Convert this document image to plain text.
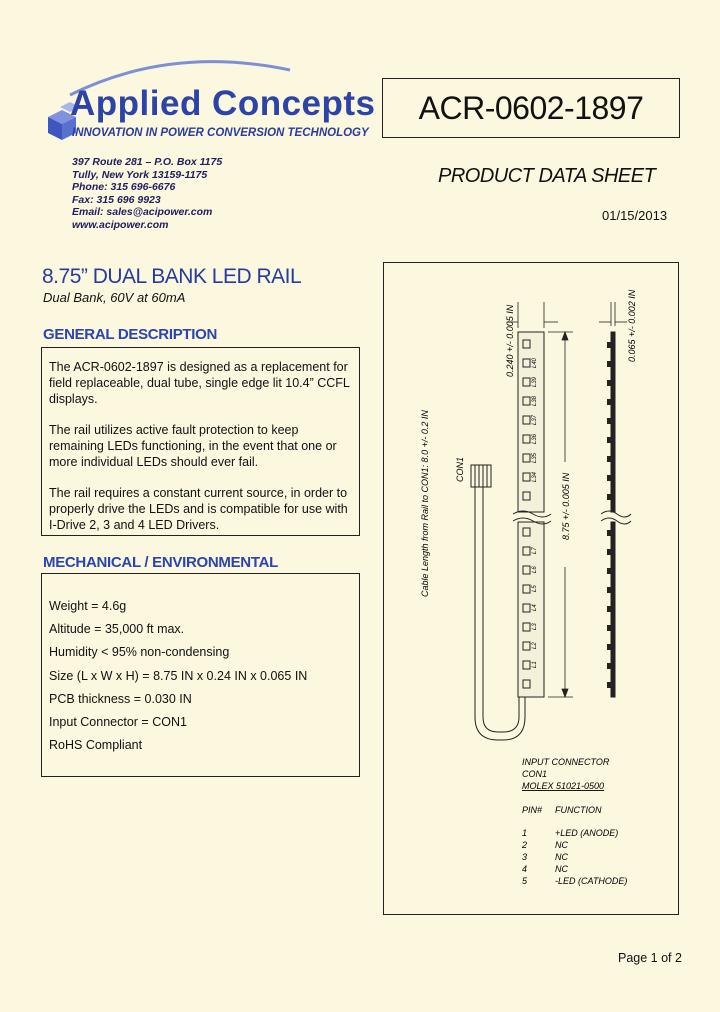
Applied Concepts
INNOVATION IN POWER CONVERSION TECHNOLOGY
397 Route 281 – P.O. Box 1175
Tully, New York 13159-1175
Phone: 315 696-6676
Fax: 315 696 9923
Email: sales@acipower.com
www.acipower.com
ACR-0602-1897
PRODUCT DATA SHEET
01/15/2013
8.75” DUAL BANK LED RAIL
Dual Bank, 60V at 60mA
GENERAL DESCRIPTION

The ACR-0602-1897 is designed as a replacement for field replaceable, dual tube, single edge lit 10.4” CCFL displays.

The rail utilizes active fault protection to keep remaining LEDs functioning, in the event that one or more individual LEDs should ever fail.

The rail requires a constant current source, in order to properly drive the LEDs and is compatible for use with I-Drive 2, 3 and 4 LED Drivers.

MECHANICAL / ENVIRONMENTAL
Weight = 4.6g
Altitude = 35,000 ft max.
Humidity < 95% non-condensing
Size (L x W x H) = 8.75 IN x 0.24 IN x 0.065 IN
PCB thickness = 0.030 IN
Input Connector = CON1
RoHS Compliant
L40
L39
L38
L37
L36
L35
L34
L7
L6
L5
L4
L3
L2
L1
0.240 +/- 0.005 IN
8.75 +/- 0.005 IN
0.065 +/- 0.002 IN
CON1
Cable Length from Rail to CON1: 8.0 +/- 0.2 IN
INPUT CONNECTOR
CON1
MOLEX 51021-0500
PIN# FUNCTION
1	+LED (ANODE)
2	NC
3	NC
4	NC
5	-LED (CATHODE)
Page 1 of 2
